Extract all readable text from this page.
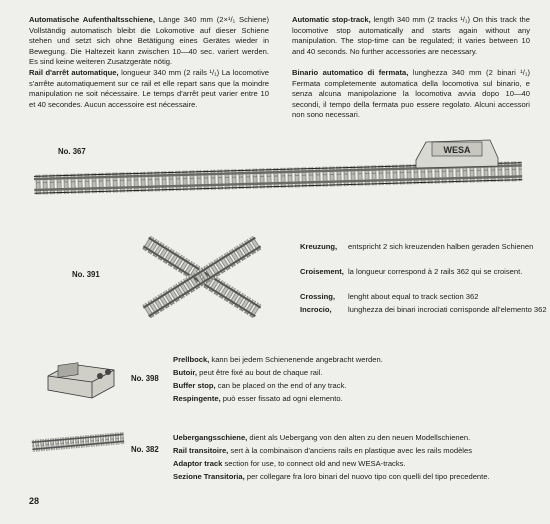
Automatische Aufenthaltsschiene, Länge 340 mm (2×¹/₁ Schiene) Vollständig automatisch bleibt die Lokomotive auf dieser Schiene stehen und setzt sich ohne Betätigung eines Gerätes wieder in Bewegung. Die Haltezeit kann zwischen 10—40 sec. variert werden. Es sind keine weiteren Zusatzgeräte nötig.

Rail d'arrêt automatique, longueur 340 mm (2 rails ¹/₁) La locomotive s'arrête automatiquement sur ce rail et elle repart sans que la moindre manipulation ne soit nécessaire. Le temps d'arrêt peut varier entre 10 et 40 secondes. Aucun accessoire est nécessaire.

Automatic stop-track, length 340 mm (2 tracks ¹/₁) On this track the locomotive stop automatically and starts again without any manipulation. The stop-time can be regulated; it varies between 10 and 40 seconds. No further accessories are necessary.

Binario automatico di fermata, lunghezza 340 mm (2 binari ¹/₁) Fermata completemente automatica della locomotiva sul binario, e senza alcuna manipolazione la locomotiva avvia dopo 10—40 secondi, il tempo della fermata puo essere regolato. Alcuni accessori non sono necessari.

No. 367	WESA
No. 391
Kreuzung,	entspricht 2 sich kreuzenden halben geraden Schienen
Croisement, la longueur correspond à 2 rails 362 qui se croisent.
Crossing,	lenght about equal to track section 362
Incrocio,	lunghezza dei binari incrociati corrisponde all'elemento 362
No. 398
Prellbock, kann bei jedem Schienenende angebracht werden.
Butoir, peut être fixé au bout de chaque rail.
Buffer stop, can be placed on the end of any track.
Respingente, può esser fissato ad ogni elemento.
No. 382
Uebergangsschiene, dient als Uebergang von den alten zu den neuen Modellschienen.
Rail transitoire, sert à la combinaison d'anciens rails en plastique avec les rails modèles
Adaptor track section for use, to connect old and new WESA-tracks.
Sezione Transitoria, per collegare fra loro binari del nuovo tipo con quelli del tipo precedente.
28
